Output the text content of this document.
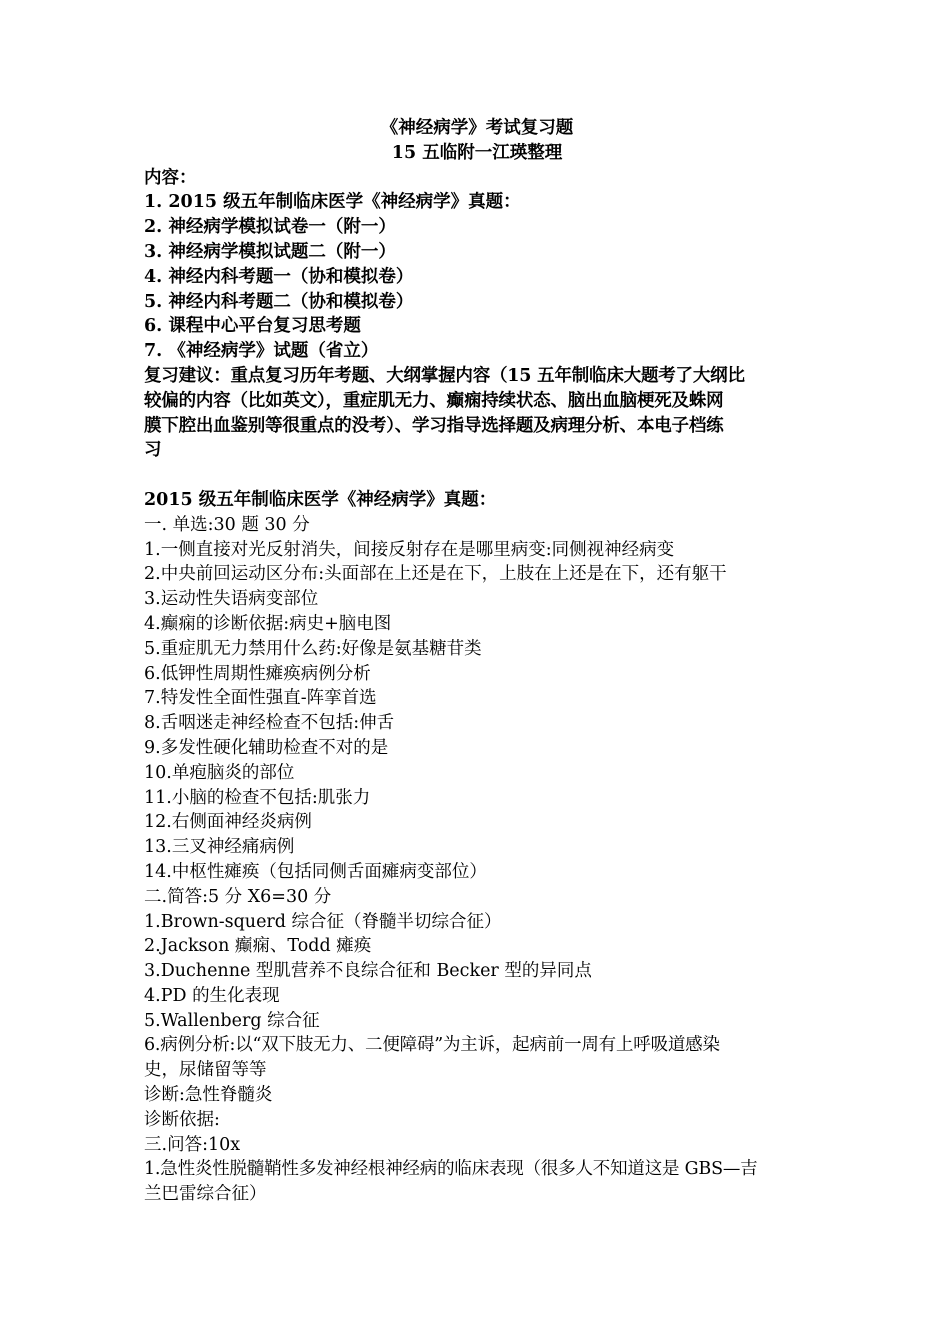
《神经病学》考试复习题
15 五临附一江瑛整理
内容：
1. 2015 级五年制临床医学《神经病学》真题：
2. 神经病学模拟试卷一（附一）
3. 神经病学模拟试题二（附一）
4. 神经内科考题一（协和模拟卷）
5. 神经内科考题二（协和模拟卷）
6. 课程中心平台复习思考题
7. 《神经病学》试题（省立）
复习建议：重点复习历年考题、大纲掌握内容（15 五年制临床大题考了大纲比
较偏的内容（比如英文），重症肌无力、癫痫持续状态、脑出血脑梗死及蛛网
膜下腔出血鉴别等很重点的没考）、学习指导选择题及病理分析、本电子档练
习
2015 级五年制临床医学《神经病学》真题：
一. 单选:30 题 30 分
1.一侧直接对光反射消失，间接反射存在是哪里病变:同侧视神经病变
2.中央前回运动区分布:头面部在上还是在下，上肢在上还是在下，还有躯干
3.运动性失语病变部位
4.癫痫的诊断依据:病史+脑电图
5.重症肌无力禁用什么药:好像是氨基糖苷类
6.低钾性周期性瘫痪病例分析
7.特发性全面性强直-阵挛首选
8.舌咽迷走神经检查不包括:伸舌
9.多发性硬化辅助检查不对的是
10.单疱脑炎的部位
11.小脑的检查不包括:肌张力
12.右侧面神经炎病例
13.三叉神经痛病例
14.中枢性瘫痪（包括同侧舌面瘫病变部位）
二.简答:5 分 X6=30 分
1.Brown-squerd 综合征（脊髓半切综合征）
2.Jackson 癫痫、Todd 瘫痪
3.Duchenne 型肌营养不良综合征和 Becker 型的异同点
4.PD 的生化表现
5.Wallenberg 综合征
6.病例分析:以“双下肢无力、二便障碍”为主诉，起病前一周有上呼吸道感染
史，尿储留等等
诊断:急性脊髓炎
诊断依据:
三.问答:10x
1.急性炎性脱髓鞘性多发神经根神经病的临床表现（很多人不知道这是 GBS—吉
兰巴雷综合征）
